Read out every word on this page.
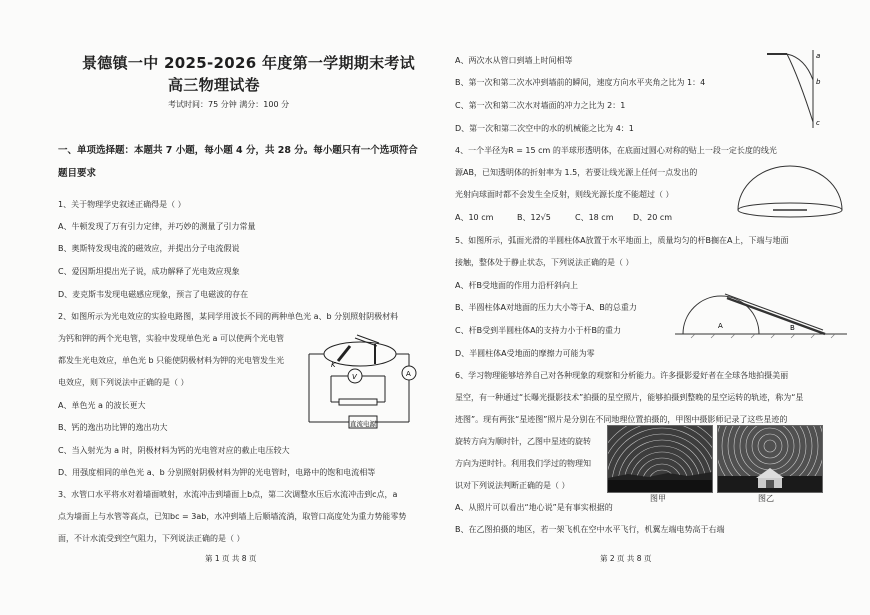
景德镇一中 2025-2026 年度第一学期期末考试
高三物理试卷
考试时间：75 分钟 满分：100 分
一、单项选择题：本题共 7 小题，每小题 4 分，共 28 分。每小题只有一个选项符合
题目要求
1、关于物理学史叙述正确得是（ ）
A、牛顿发现了万有引力定律，并巧妙的测量了引力常量
B、奥斯特发现电流的磁效应，并提出分子电流假说
C、爱因斯坦提出光子说，成功解释了光电效应现象
D、麦克斯韦发现电磁感应现象，预言了电磁波的存在
2、如图所示为光电效应的实验电路图，某同学用波长不同的两种单色光 a、b 分别照射阴极材料
为钙和钾的两个光电管，实验中发现单色光 a 可以使两个光电管
都发生光电效应，单色光 b 只能使阴极材料为钾的光电管发生光
电效应，则下列说法中正确的是（ ）
A、单色光 a 的波长更大
B、钙的逸出功比钾的逸出功大
C、当入射光为 a 时，阴极材料为钙的光电管对应的截止电压较大
D、用强度相同的单色光 a、b 分别照射阴极材料为钾的光电管时，电路中的饱和电流相等
K
V	A
直流电源
3、水管口水平将水对着墙面喷射，水流冲击到墙面上b点，第二次调整水压后水流冲击到c点，a
点为墙面上与水管等高点，已知bc = 3ab，水冲到墙上后顺墙流淌，取管口高度处为重力势能零势
面，不计水流受到空气阻力，下列说法正确的是（ ）
第 1 页 共 8 页
A、两次水从管口到墙上时间相等
B、第一次和第二次水冲到墙前的瞬间，速度方向水平夹角之比为 1：4
C、第一次和第二次水对墙面的冲力之比为 2：1
D、第一次和第二次空中的水的机械能之比为 4：1
a
b
c
4、一个半径为R = 15 cm 的半球形透明体，在底面过圆心对称的贴上一段一定长度的线光
源AB，已知透明体的折射率为 1.5，若要让线光源上任何一点发出的
光射向球面时都不会发生全反射，则线光源长度不能超过（ ）
A、10 cm	B、12√5	C、18 cm D、20 cm
5、如图所示，弧面光滑的半圆柱体A放置于水平地面上，质量均匀的杆B搁在A上，下端与地面
接触，整体处于静止状态，下列说法正确的是（ ）
A、杆B受地面的作用力沿杆斜向上
B、半圆柱体A对地面的压力大小等于A、B的总重力
C、杆B受到半圆柱体A的支持力小于杆B的重力
D、半圆柱体A受地面的摩擦力可能为零
A	B
6、学习物理能够培养自己对各种现象的观察和分析能力。许多摄影爱好者在全球各地拍摄美丽
星空，有一种通过“长曝光摄影技术”拍摄的星空照片，能够拍摄到整晚的星空运转的轨迹，称为“星
迹图”。现有两张“星迹图”照片是分别在不同地理位置拍摄的，甲图中摄影师记录了这些星迹的
旋转方向为顺时针，乙图中星迹的旋转
方向为逆时针。利用我们学过的物理知
识对下列说法判断正确的是（ ）
A、从照片可以看出“地心说”是有事实根据的
B、在乙图拍摄的地区，若一架飞机在空中水平飞行，机翼左端电势高于右端
图甲	图乙
第 2 页 共 8 页
